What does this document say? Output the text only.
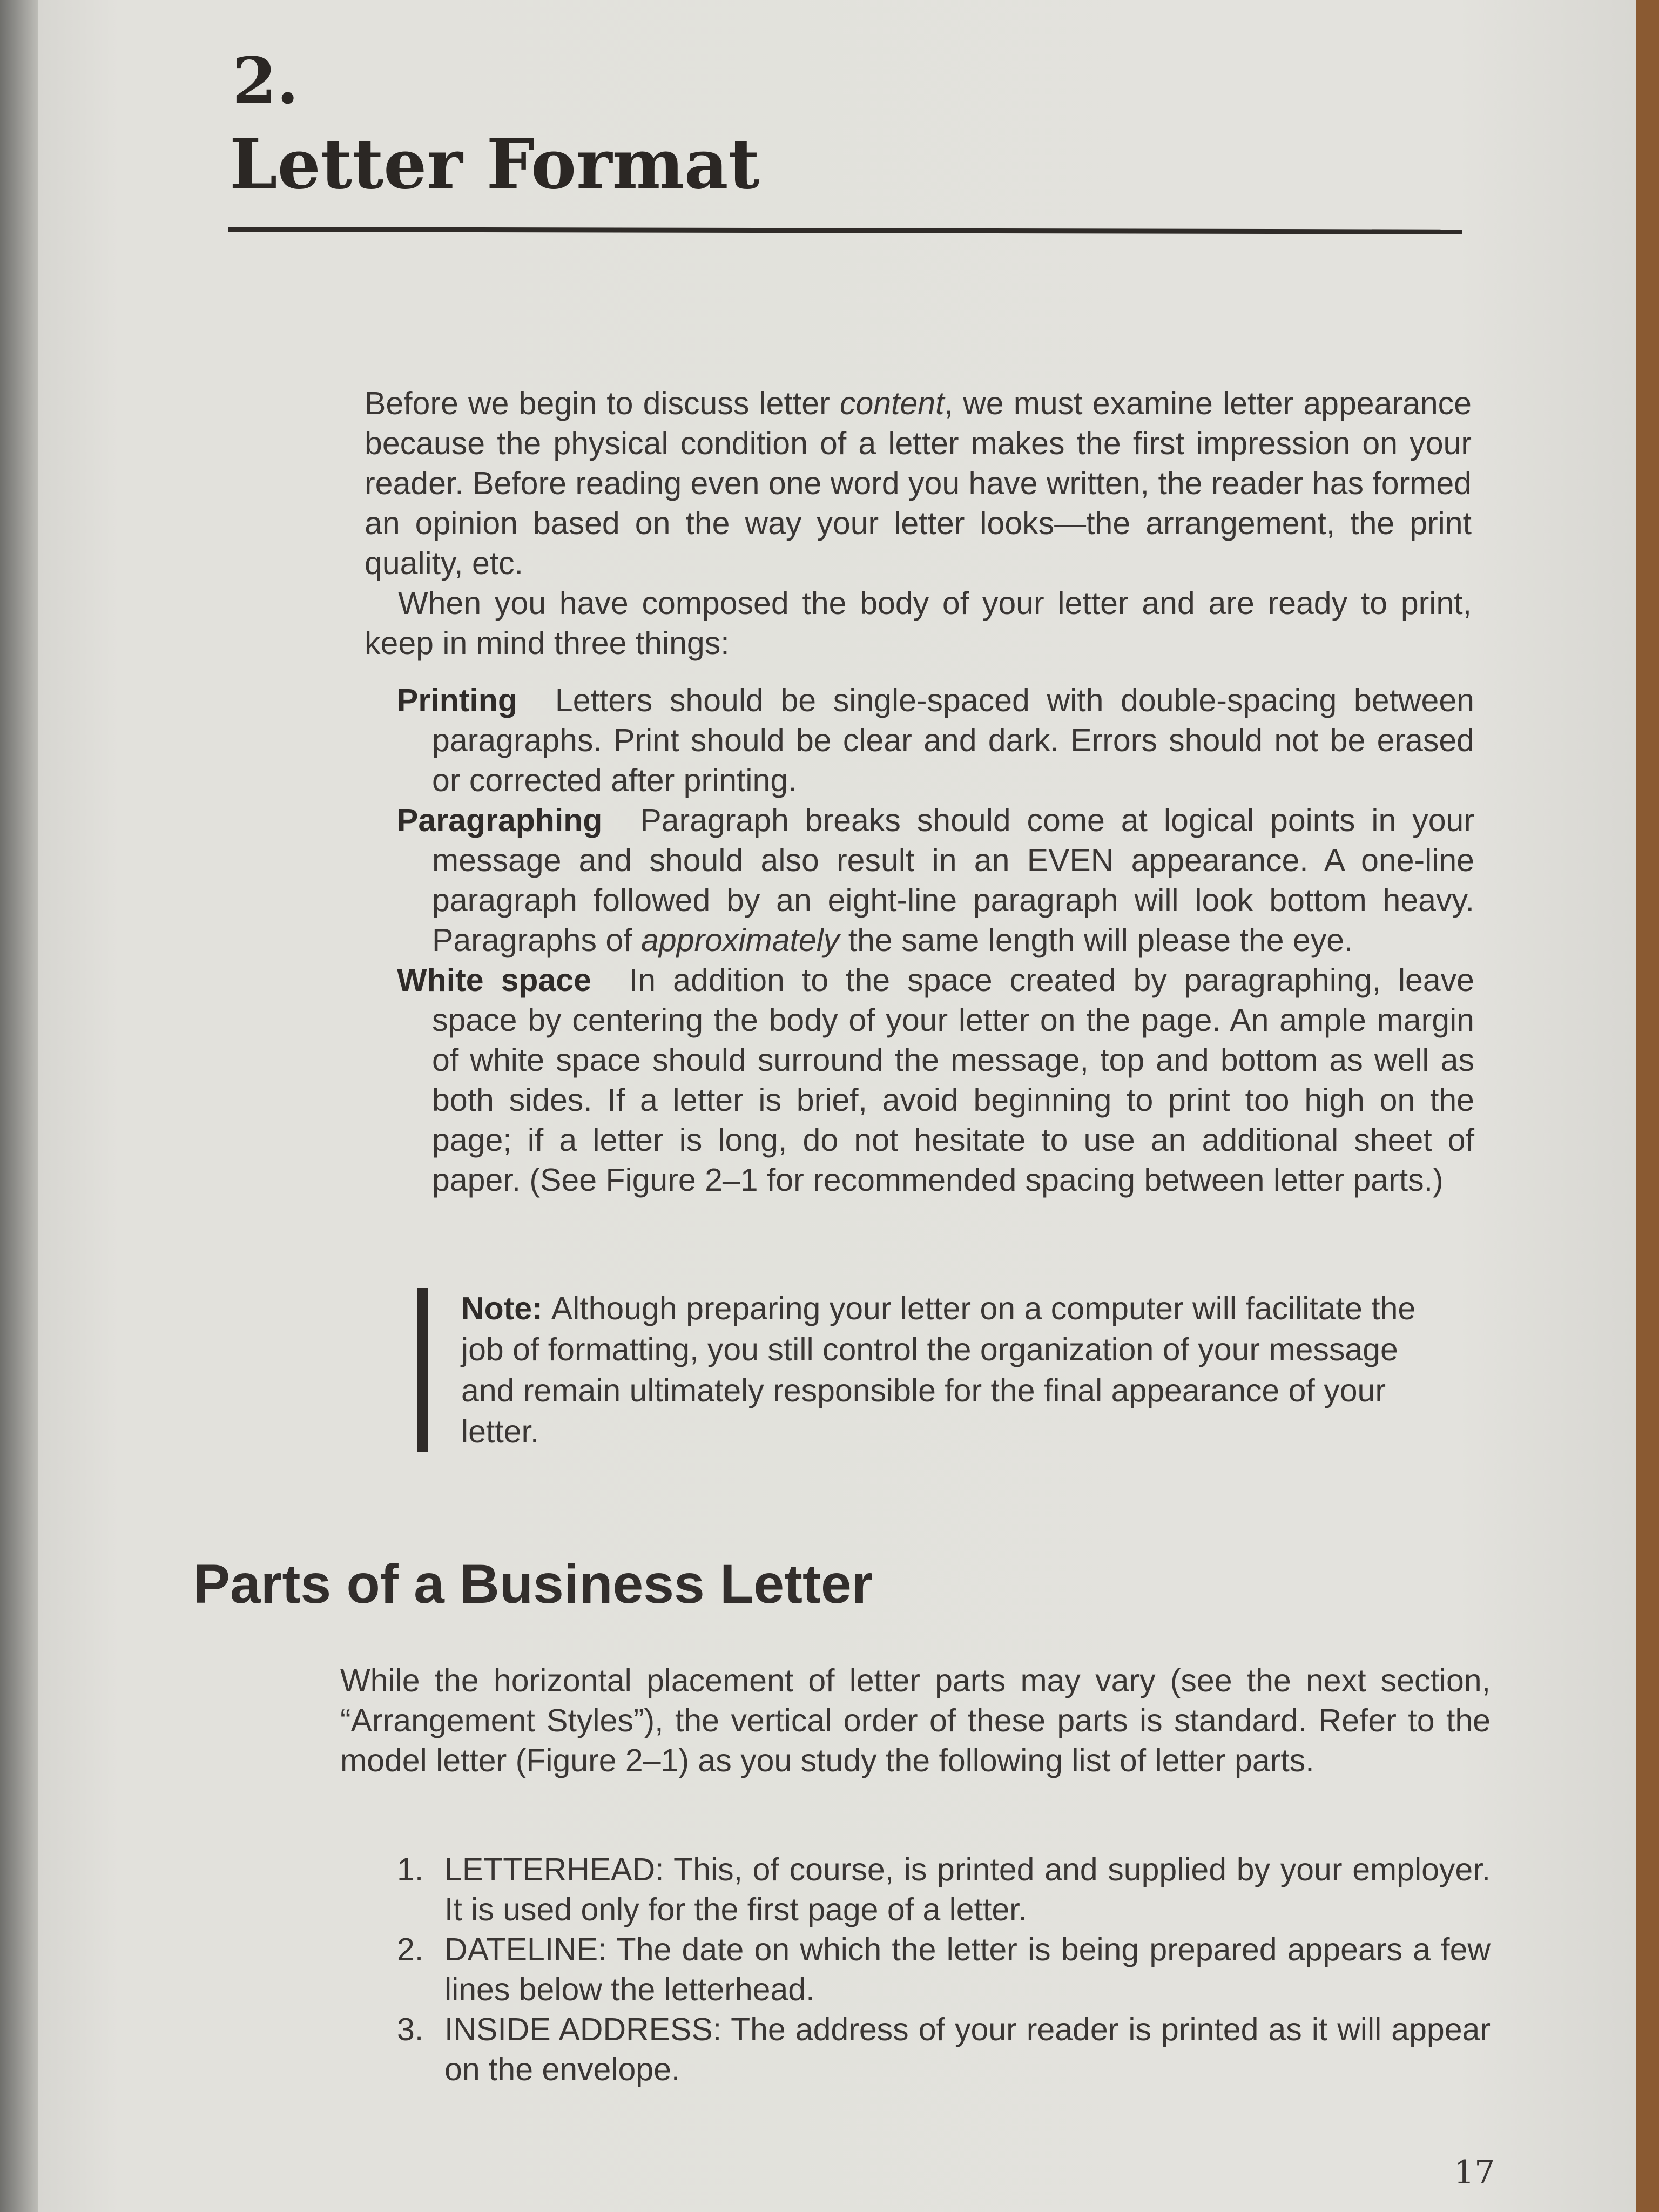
2.
Letter Format

Before we begin to discuss letter content, we must examine letter appearance because the physical condition of a letter makes the first impression on your reader. Before reading even one word you have written, the reader has formed an opinion based on the way your letter looks—the arrangement, the print quality, etc.

When you have composed the body of your letter and are ready to print, keep in mind three things:

Printing Letters should be single-spaced with double-spacing between paragraphs. Print should be clear and dark. Errors should not be erased or corrected after printing.

Paragraphing Paragraph breaks should come at logical points in your message and should also result in an EVEN appearance. A one-line paragraph followed by an eight-line paragraph will look bottom heavy. Paragraphs of approximately the same length will please the eye.

White space In addition to the space created by paragraphing, leave space by centering the body of your letter on the page. An ample margin of white space should surround the message, top and bottom as well as both sides. If a letter is brief, avoid beginning to print too high on the page; if a letter is long, do not hesitate to use an additional sheet of paper. (See Figure 2–1 for recommended spacing between letter parts.)

Note: Although preparing your letter on a computer will facilitate the job of formatting, you still control the organization of your message and remain ultimately responsible for the final appearance of your letter.

Parts of a Business Letter

While the horizontal placement of letter parts may vary (see the next section, “Arrangement Styles”), the vertical order of these parts is standard. Refer to the model letter (Figure 2–1) as you study the following list of letter parts.

1. LETTERHEAD: This, of course, is printed and supplied by your employer. It is used only for the first page of a letter.
2. DATELINE: The date on which the letter is being prepared appears a few lines below the letterhead.
3. INSIDE ADDRESS: The address of your reader is printed as it will appear on the envelope.

17
